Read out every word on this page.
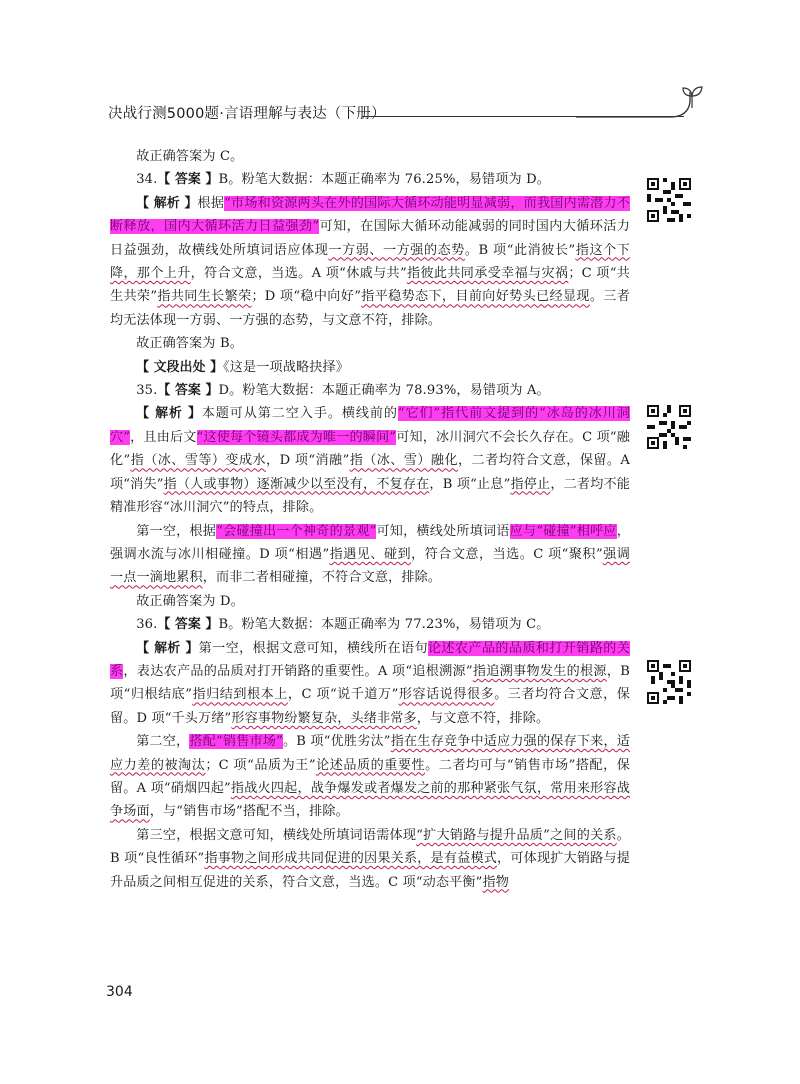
决战行测5000题·言语理解与表达（下册）

故正确答案为 C。

34.【 答案 】B。粉笔大数据：本题正确率为 76.25%，易错项为 D。

【 解析 】根据“市场和资源两头在外的国际大循环动能明显减弱，而我国内需潜力不断释放，国内大循环活力日益强劲”可知，在国际大循环动能减弱的同时国内大循环活力日益强劲，故横线处所填词语应体现一方弱、一方强的态势。B 项“此消彼长”指这个下降，那个上升，符合文意，当选。A 项“休戚与共”指彼此共同承受幸福与灾祸；C 项“共生共荣”指共同生长繁荣；D 项“稳中向好”指平稳势态下，目前向好势头已经显现。三者均无法体现一方弱、一方强的态势，与文意不符，排除。

故正确答案为 B。

【 文段出处 】《这是一项战略抉择》

35.【 答案 】D。粉笔大数据：本题正确率为 78.93%，易错项为 A。

【 解析 】本题可从第二空入手。横线前的“它们”指代前文提到的“冰岛的冰川洞穴”，且由后文“这使每个镜头都成为唯一的瞬间”可知，冰川洞穴不会长久存在。C 项“融化”指（冰、雪等）变成水，D 项“消融”指（冰、雪）融化，二者均符合文意，保留。A 项“消失”指（人或事物）逐渐减少以至没有，不复存在，B 项“止息”指停止，二者均不能精准形容“冰川洞穴”的特点，排除。

第一空，根据“会碰撞出一个神奇的景观”可知，横线处所填词语应与“碰撞”相呼应，强调水流与冰川相碰撞。D 项“相遇”指遇见、碰到，符合文意，当选。C 项“聚积”强调一点一滴地累积，而非二者相碰撞，不符合文意，排除。

故正确答案为 D。

36.【 答案 】B。粉笔大数据：本题正确率为 77.23%，易错项为 C。

【 解析 】第一空，根据文意可知，横线所在语句论述农产品的品质和打开销路的关系，表达农产品的品质对打开销路的重要性。A 项“追根溯源”指追溯事物发生的根源，B 项“归根结底”指归结到根本上，C 项“说千道万”形容话说得很多。三者均符合文意，保留。D 项“千头万绪”形容事物纷繁复杂，头绪非常多，与文意不符，排除。

第二空，搭配“销售市场”。B 项“优胜劣汰”指在生存竞争中适应力强的保存下来，适应力差的被淘汰；C 项“品质为王”论述品质的重要性。二者均可与“销售市场”搭配，保留。A 项“硝烟四起”指战火四起，战争爆发或者爆发之前的那种紧张气氛，常用来形容战争场面，与“销售市场”搭配不当，排除。

第三空，根据文意可知，横线处所填词语需体现“扩大销路与提升品质”之间的关系。B 项“良性循环”指事物之间形成共同促进的因果关系，是有益模式，可体现扩大销路与提升品质之间相互促进的关系，符合文意，当选。C 项“动态平衡”指物

304
